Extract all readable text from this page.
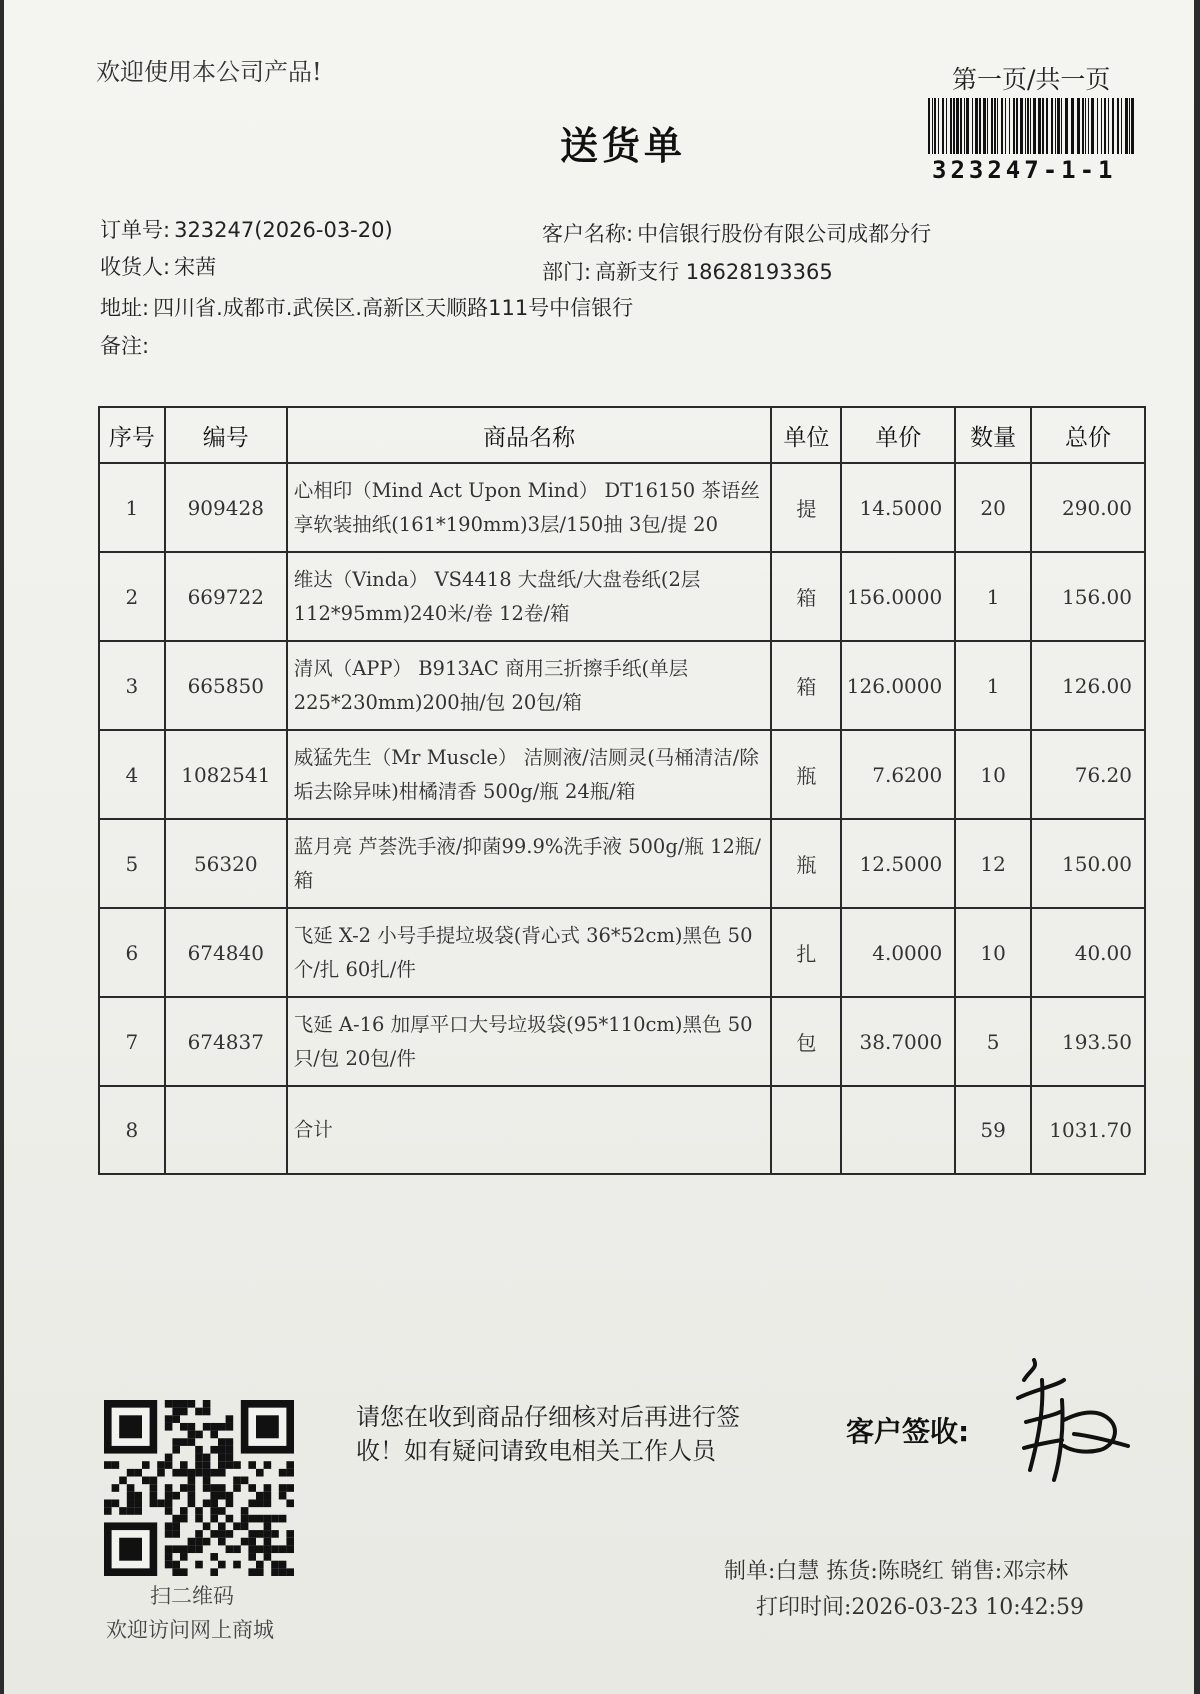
欢迎使用本公司产品!	第一页/共一页
323247-1-1
送货单
订单号: 323247(2026-03-20)	客户名称: 中信银行股份有限公司成都分行
收货人: 宋茜	部门: 高新支行 18628193365
地址: 四川省.成都市.武侯区.高新区天顺路111号中信银行
备注:
序号	编号	商品名称	单位	单价	数量	总价
1	909428	心相印（Mind Act Upon Mind） DT16150 茶语丝享软装抽纸(161*190mm)3层/150抽 3包/提 20	提	14.5000	20	290.00
2	669722	维达（Vinda） VS4418 大盘纸/大盘卷纸(2层112*95mm)240米/卷 12卷/箱	箱	156.0000	1	156.00
3	665850	清风（APP） B913AC 商用三折擦手纸(单层225*230mm)200抽/包 20包/箱	箱	126.0000	1	126.00
4	1082541	威猛先生（Mr Muscle） 洁厕液/洁厕灵(马桶清洁/除垢去除异味)柑橘清香 500g/瓶 24瓶/箱	瓶	7.6200	10	76.20
5	56320	蓝月亮 芦荟洗手液/抑菌99.9%洗手液 500g/瓶 12瓶/箱	瓶	12.5000	12	150.00
6	674840	飞延 X-2 小号手提垃圾袋(背心式 36*52cm)黑色 50个/扎 60扎/件	扎	4.0000	10	40.00
7	674837	飞延 A-16 加厚平口大号垃圾袋(95*110cm)黑色 50只/包 20包/件	包	38.7000	5	193.50
8		合计			59	1031.70
扫二维码
欢迎访问网上商城
请您在收到商品仔细核对后再进行签收！如有疑问请致电相关工作人员
客户签收:
制单:白慧 拣货:陈晓红 销售:邓宗林
打印时间:2026-03-23 10:42:59
